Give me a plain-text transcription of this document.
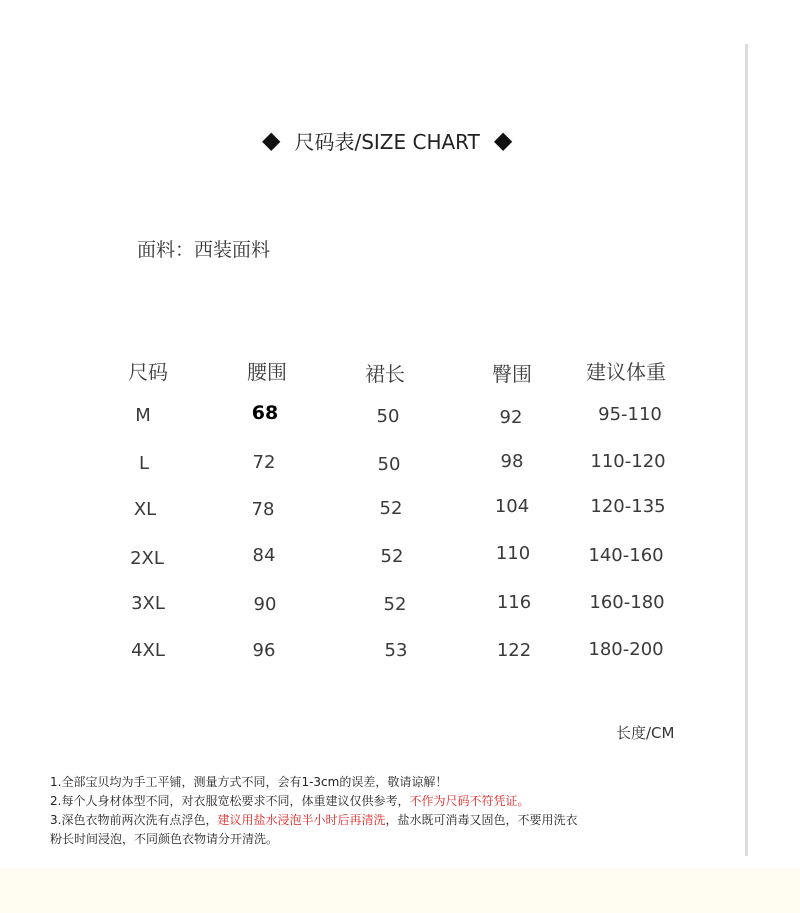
◆ 尺码表/SIZE CHART ◆
面料：西装面料
尺码	腰围	裙长	臀围	建议体重
M	68	50	92	95-110
L	72	50	98	110-120
XL	78	52	104	120-135
2XL	84	52	110	140-160
3XL	90	52	116	160-180
4XL	96	53	122	180-200
长度/CM
1.全部宝贝均为手工平铺，测量方式不同，会有1-3cm的误差，敬请谅解！
2.每个人身材体型不同，对衣服宽松要求不同，体重建议仅供参考，不作为尺码不符凭证。
3.深色衣物前两次洗有点浮色，建议用盐水浸泡半小时后再清洗，盐水既可消毒又固色，不要用洗衣
粉长时间浸泡，不同颜色衣物请分开清洗。
